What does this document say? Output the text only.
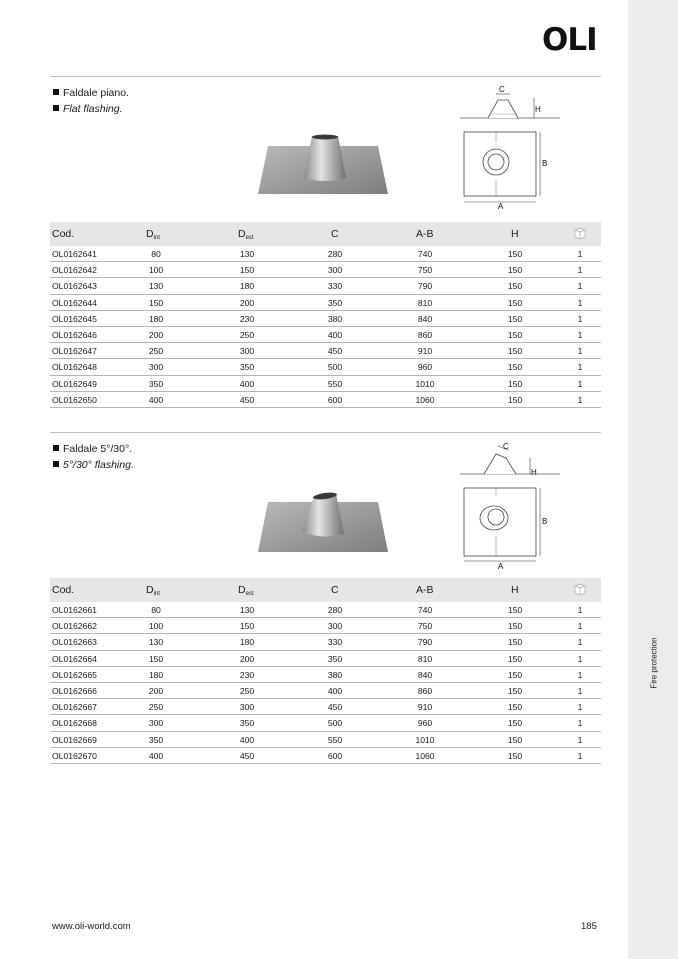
Fire protection
OLI
Faldale piano.
Flat flashing.
C
H
B
A
Cod.	$D_{int}$	$D_{est}$	C	A-B	H
OL0162641	80	130	280	740	150	1
OL0162642	100	150	300	750	150	1
OL0162643	130	180	330	790	150	1
OL0162644	150	200	350	810	150	1
OL0162645	180	230	380	840	150	1
OL0162646	200	250	400	860	150	1
OL0162647	250	300	450	910	150	1
OL0162648	300	350	500	960	150	1
OL0162649	350	400	550	1010	150	1
OL0162650	400	450	600	1060	150	1
Faldale 5°/30°.
5°/30° flashing.
C
H
B
A
Cod.	$D_{int}$	$D_{est}$	C	A-B	H
OL0162661	80	130	280	740	150	1
OL0162662	100	150	300	750	150	1
OL0162663	130	180	330	790	150	1
OL0162664	150	200	350	810	150	1
OL0162665	180	230	380	840	150	1
OL0162666	200	250	400	860	150	1
OL0162667	250	300	450	910	150	1
OL0162668	300	350	500	960	150	1
OL0162669	350	400	550	1010	150	1
OL0162670	400	450	600	1060	150	1
www.oli-world.com	185
